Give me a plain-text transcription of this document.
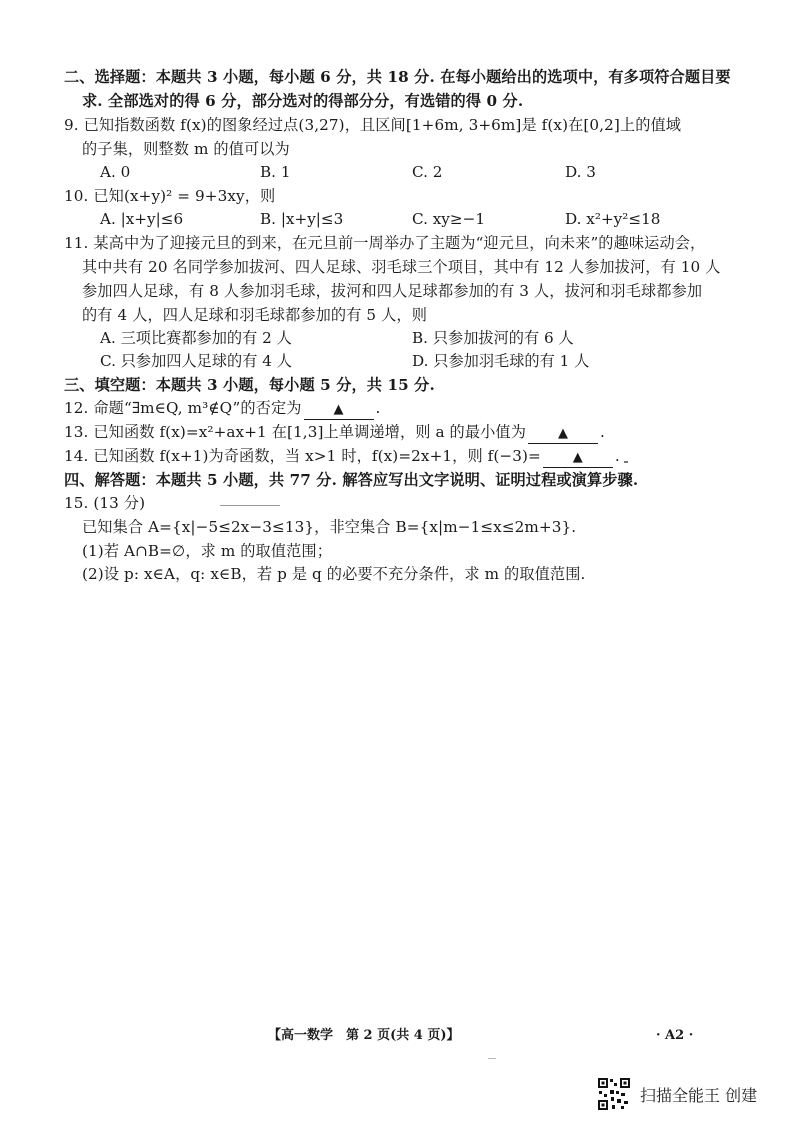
二、选择题：本题共 3 小题，每小题 6 分，共 18 分. 在每小题给出的选项中，有多项符合题目要
求. 全部选对的得 6 分，部分选对的得部分分，有选错的得 0 分.
9. 已知指数函数 f(x)的图象经过点(3,27)，且区间[1+6m, 3+6m]是 f(x)在[0,2]上的值域
的子集，则整数 m 的值可以为
A. 0	B. 1	C. 2	D. 3
10. 已知(x+y)² = 9+3xy，则
A. |x+y|≤6	B. |x+y|≤3	C. xy≥−1	D. x²+y²≤18
11. 某高中为了迎接元旦的到来，在元旦前一周举办了主题为“迎元旦，向未来”的趣味运动会，
其中共有 20 名同学参加拔河、四人足球、羽毛球三个项目，其中有 12 人参加拔河，有 10 人
参加四人足球，有 8 人参加羽毛球，拔河和四人足球都参加的有 3 人，拔河和羽毛球都参加
的有 4 人，四人足球和羽毛球都参加的有 5 人，则
A. 三项比赛都参加的有 2 人	B. 只参加拔河的有 6 人
C. 只参加四人足球的有 4 人	D. 只参加羽毛球的有 1 人
三、填空题：本题共 3 小题，每小题 5 分，共 15 分.
12. 命题“∃m∈Q, m³∉Q”的否定为 ▲ .
13. 已知函数 f(x)=x²+ax+1 在[1,3]上单调递增，则 a 的最小值为 ▲ .
14. 已知函数 f(x+1)为奇函数，当 x>1 时，f(x)=2x+1，则 f(−3)= ▲ .
四、解答题：本题共 5 小题，共 77 分. 解答应写出文字说明、证明过程或演算步骤.
15. (13 分)
已知集合 A={x|−5≤2x−3≤13}，非空集合 B={x|m−1≤x≤2m+3}.
(1)若 A∩B=∅，求 m 的取值范围；
(2)设 p: x∈A，q: x∈B，若 p 是 q 的必要不充分条件，求 m 的取值范围.
【高一数学　第 2 页(共 4 页)】	· A2 ·
扫描全能王 创建
